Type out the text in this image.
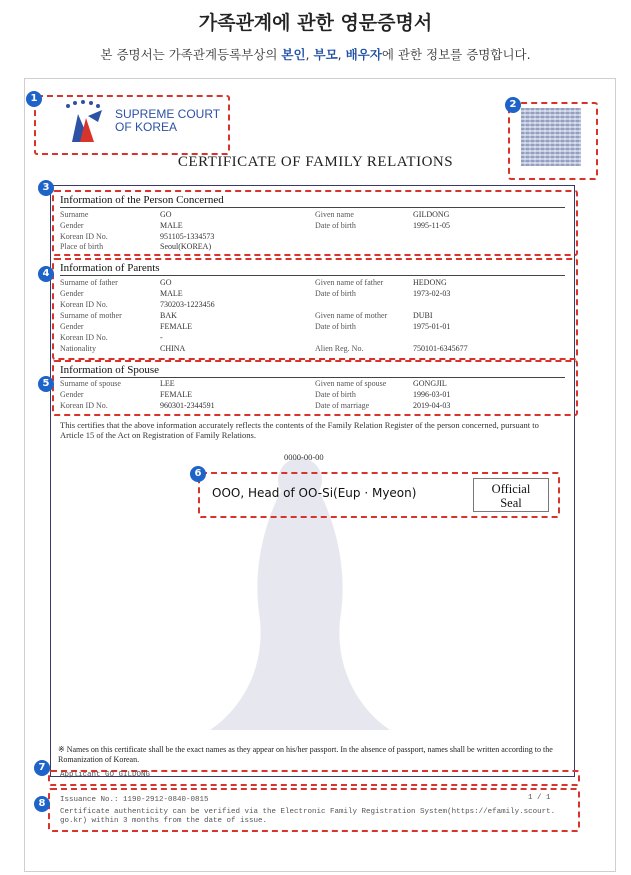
가족관계에 관한 영문증명서
본 증명서는 가족관계등록부상의 본인, 부모, 배우자에 관한 정보를 증명합니다.
SUPREME COURT
OF KOREA
CERTIFICATE OF FAMILY RELATIONS
Information of the Person Concerned
Surname	GO	Given name	GILDONG
Gender	MALE	Date of birth	1995-11-05
Korean ID No.	951105-1334573
Place of birth	Seoul(KOREA)
Information of Parents
Surname of father	GO	Given name of father	HEDONG
Gender	MALE	Date of birth	1973-02-03
Korean ID No.	730203-1223456
Surname of mother	BAK	Given name of mother	DUBI
Gender	FEMALE	Date of birth	1975-01-01
Korean ID No.	-
Nationality	CHINA	Alien Reg. No.	750101-6345677
Information of Spouse
Surname of spouse	LEE	Given name of spouse	GONGJIL
Gender	FEMALE	Date of birth	1996-03-01
Korean ID No.	960301-2344591	Date of marriage	2019-04-03
This certifies that the above information accurately reflects the contents of the Family Relation Register of the person concerned, pursuant to Article 15 of the Act on Registration of Family Relations.
0000-00-00
OOO, Head of OO-Si(Eup · Myeon)	Official
Seal
※ Names on this certificate shall be the exact names as they appear on his/her passport. In the absence of passport, names shall be written according to the Romanization of Korean.
Applicant GO GILDONG
Issuance No.: 1190-2912-0840-0815	1 / 1
Certificate authenticity can be verified via the Electronic Family Registration System(https://efamily.scourt.
go.kr) within 3 months from the date of issue.
1
2
3
4
5
6
7
8
